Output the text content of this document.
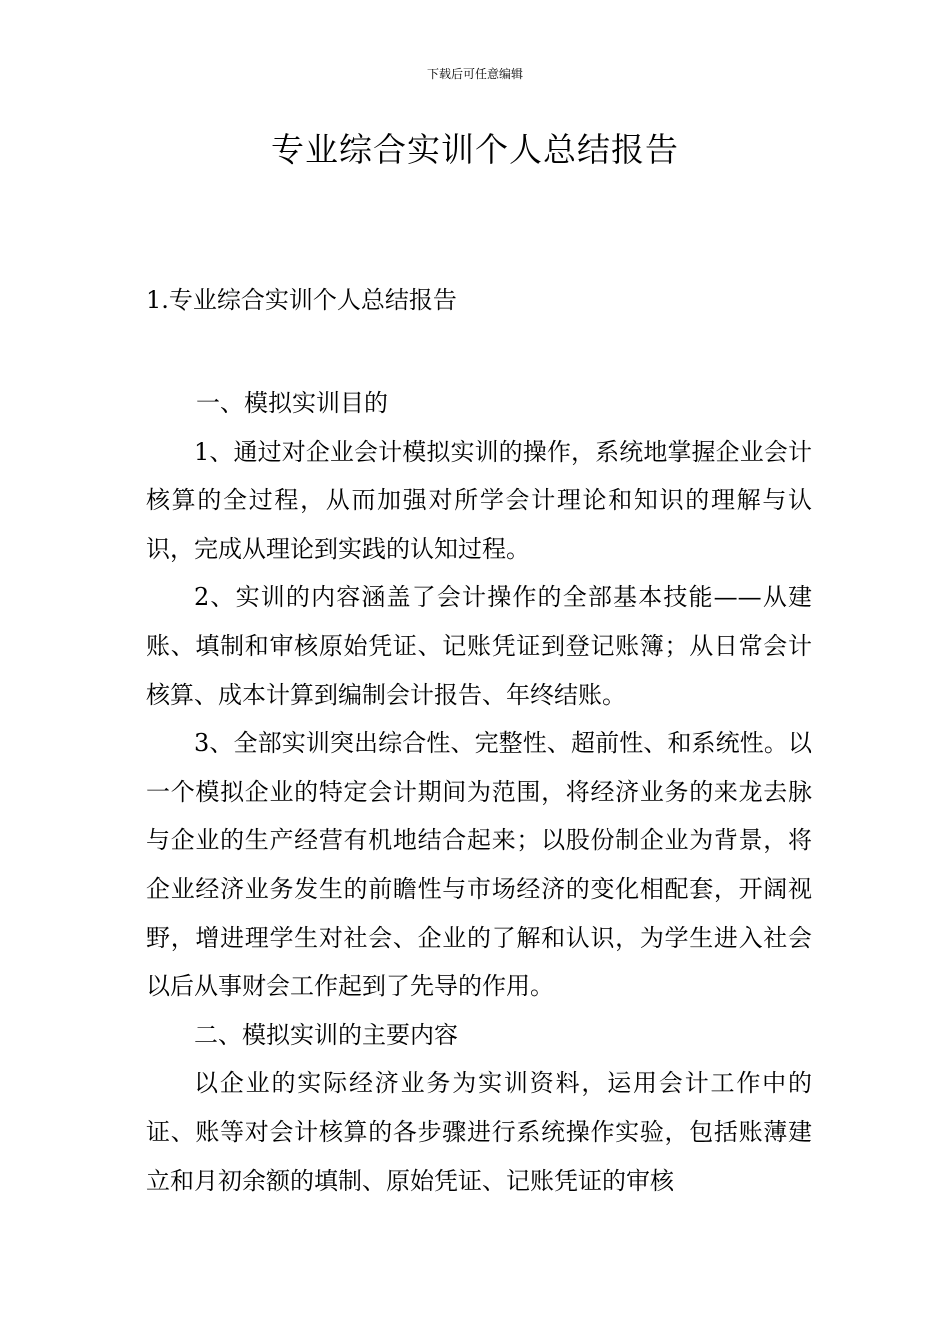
下载后可任意编辑
专业综合实训个人总结报告
1.专业综合实训个人总结报告

一、模拟实训目的

1、通过对企业会计模拟实训的操作，系统地掌握企业会计核算的全过程，从而加强对所学会计理论和知识的理解与认识，完成从理论到实践的认知过程。

2、实训的内容涵盖了会计操作的全部基本技能——从建账、填制和审核原始凭证、记账凭证到登记账簿；从日常会计核算、成本计算到编制会计报告、年终结账。

3、全部实训突出综合性、完整性、超前性、和系统性。以一个模拟企业的特定会计期间为范围，将经济业务的来龙去脉与企业的生产经营有机地结合起来；以股份制企业为背景，将企业经济业务发生的前瞻性与市场经济的变化相配套，开阔视野，增进理学生对社会、企业的了解和认识，为学生进入社会以后从事财会工作起到了先导的作用。

二、模拟实训的主要内容

以企业的实际经济业务为实训资料，运用会计工作中的证、账等对会计核算的各步骤进行系统操作实验，包括账薄建立和月初余额的填制、原始凭证、记账凭证的审核
